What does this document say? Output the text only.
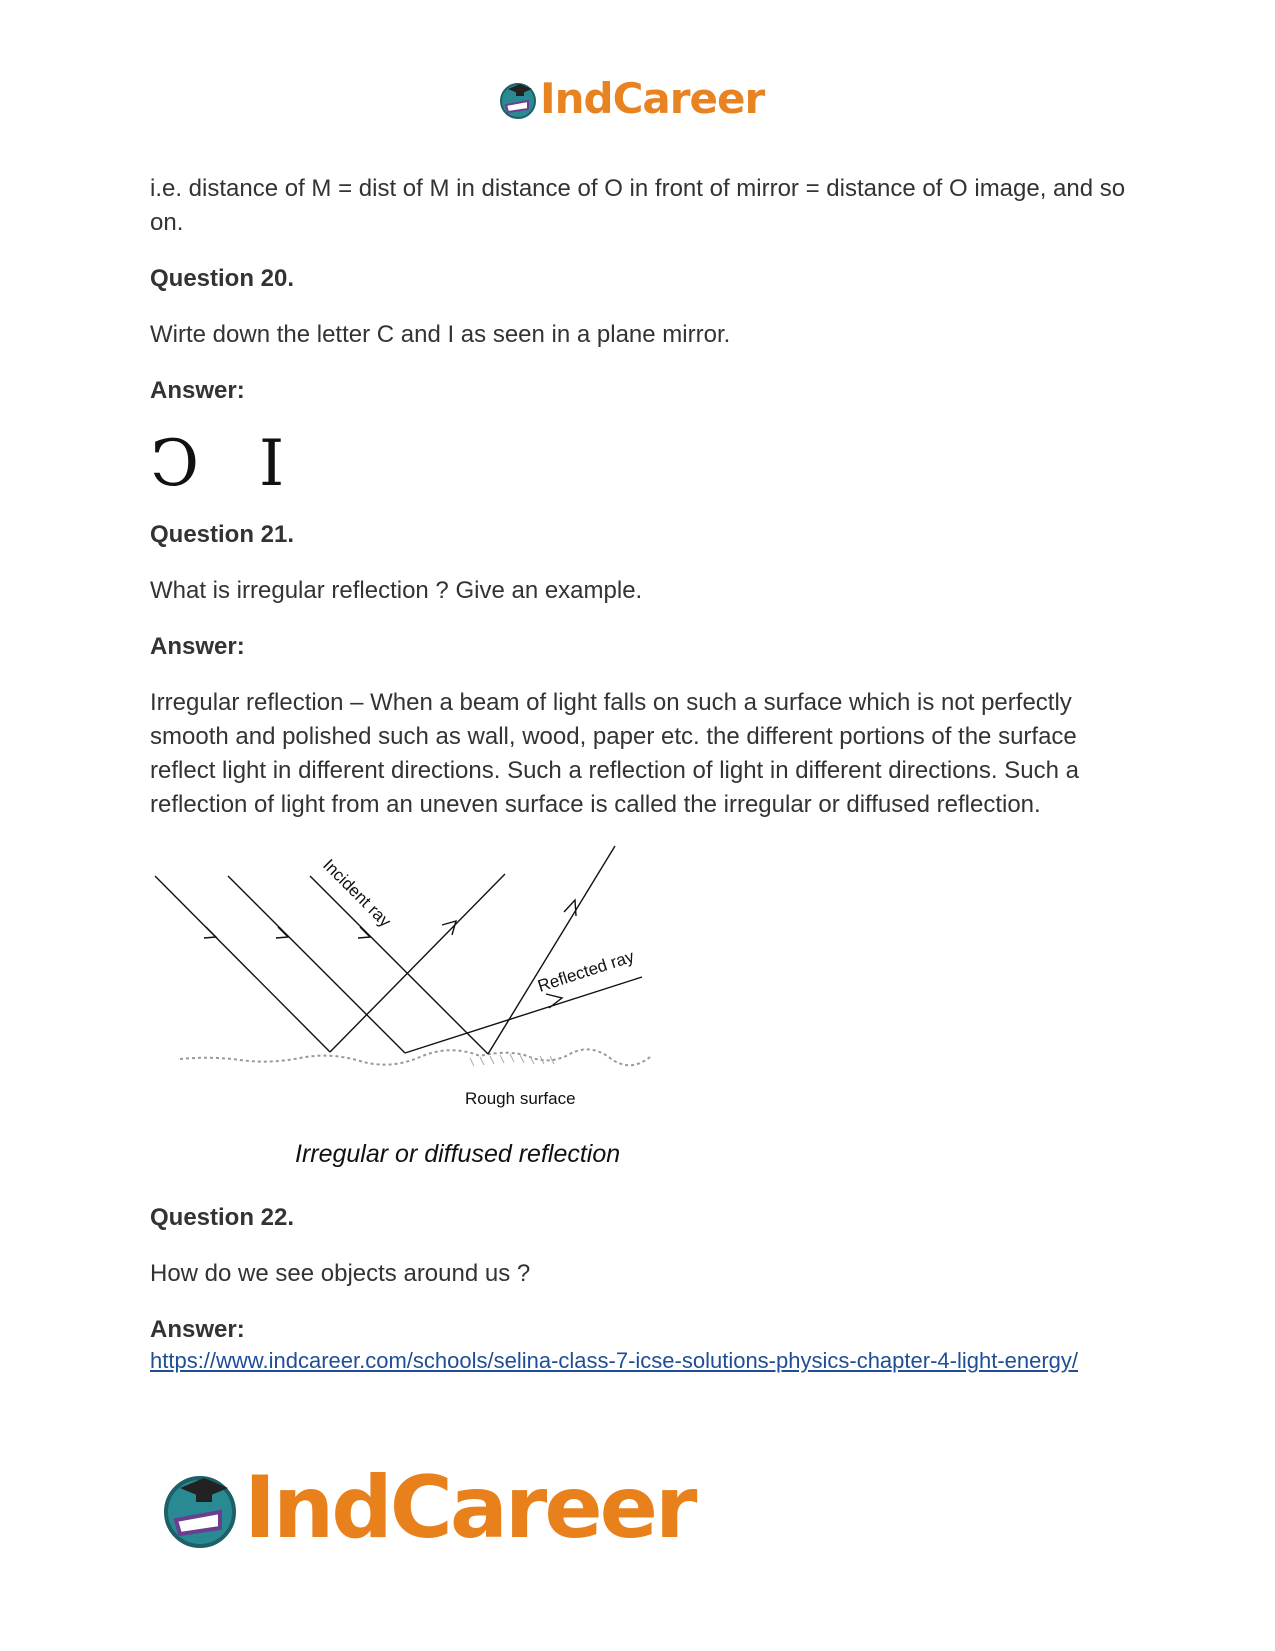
IndCareer

i.e. distance of M = dist of M in distance of O in front of mirror = distance of O image, and so on.

Question 20.

Wirte down the letter C and I as seen in a plane mirror.

Answer:

C I

Question 21.

What is irregular reflection ? Give an example.

Answer:

Irregular reflection – When a beam of light falls on such a surface which is not perfectly smooth and polished such as wall, wood, paper etc. the different portions of the surface reflect light in different directions. Such a reflection of light in different directions. Such a reflection of light from an uneven surface is called the irregular or diffused reflection.

Incident ray
Reflected ray
Rough surface
Irregular or diffused reflection

Question 22.

How do we see objects around us ?

Answer:

https://www.indcareer.com/schools/selina-class-7-icse-solutions-physics-chapter-4-light-energy/
IndCareer
